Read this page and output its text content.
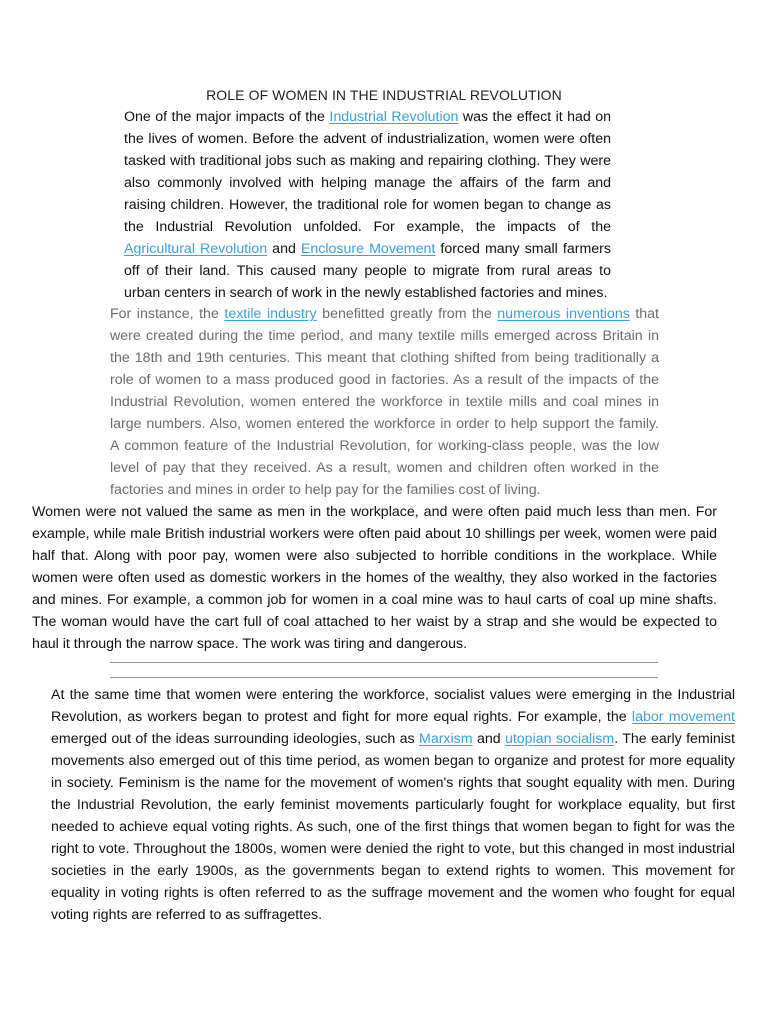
ROLE OF WOMEN IN THE INDUSTRIAL REVOLUTION

One of the major impacts of the Industrial Revolution was the effect it had on the lives of women. Before the advent of industrialization, women were often tasked with traditional jobs such as making and repairing clothing. They were also commonly involved with helping manage the affairs of the farm and raising children. However, the traditional role for women began to change as the Industrial Revolution unfolded. For example, the impacts of the Agricultural Revolution and Enclosure Movement forced many small farmers off of their land. This caused many people to migrate from rural areas to urban centers in search of work in the newly established factories and mines.

For instance, the textile industry benefitted greatly from the numerous inventions that were created during the time period, and many textile mills emerged across Britain in the 18th and 19th centuries. This meant that clothing shifted from being traditionally a role of women to a mass produced good in factories. As a result of the impacts of the Industrial Revolution, women entered the workforce in textile mills and coal mines in large numbers. Also, women entered the workforce in order to help support the family. A common feature of the Industrial Revolution, for working-class people, was the low level of pay that they received. As a result, women and children often worked in the factories and mines in order to help pay for the families cost of living.

Women were not valued the same as men in the workplace, and were often paid much less than men. For example, while male British industrial workers were often paid about 10 shillings per week, women were paid half that. Along with poor pay, women were also subjected to horrible conditions in the workplace. While women were often used as domestic workers in the homes of the wealthy, they also worked in the factories and mines. For example, a common job for women in a coal mine was to haul carts of coal up mine shafts. The woman would have the cart full of coal attached to her waist by a strap and she would be expected to haul it through the narrow space. The work was tiring and dangerous.

At the same time that women were entering the workforce, socialist values were emerging in the Industrial Revolution, as workers began to protest and fight for more equal rights. For example, the labor movement emerged out of the ideas surrounding ideologies, such as Marxism and utopian socialism. The early feminist movements also emerged out of this time period, as women began to organize and protest for more equality in society. Feminism is the name for the movement of women's rights that sought equality with men. During the Industrial Revolution, the early feminist movements particularly fought for workplace equality, but first needed to achieve equal voting rights. As such, one of the first things that women began to fight for was the right to vote. Throughout the 1800s, women were denied the right to vote, but this changed in most industrial societies in the early 1900s, as the governments began to extend rights to women. This movement for equality in voting rights is often referred to as the suffrage movement and the women who fought for equal voting rights are referred to as suffragettes.
